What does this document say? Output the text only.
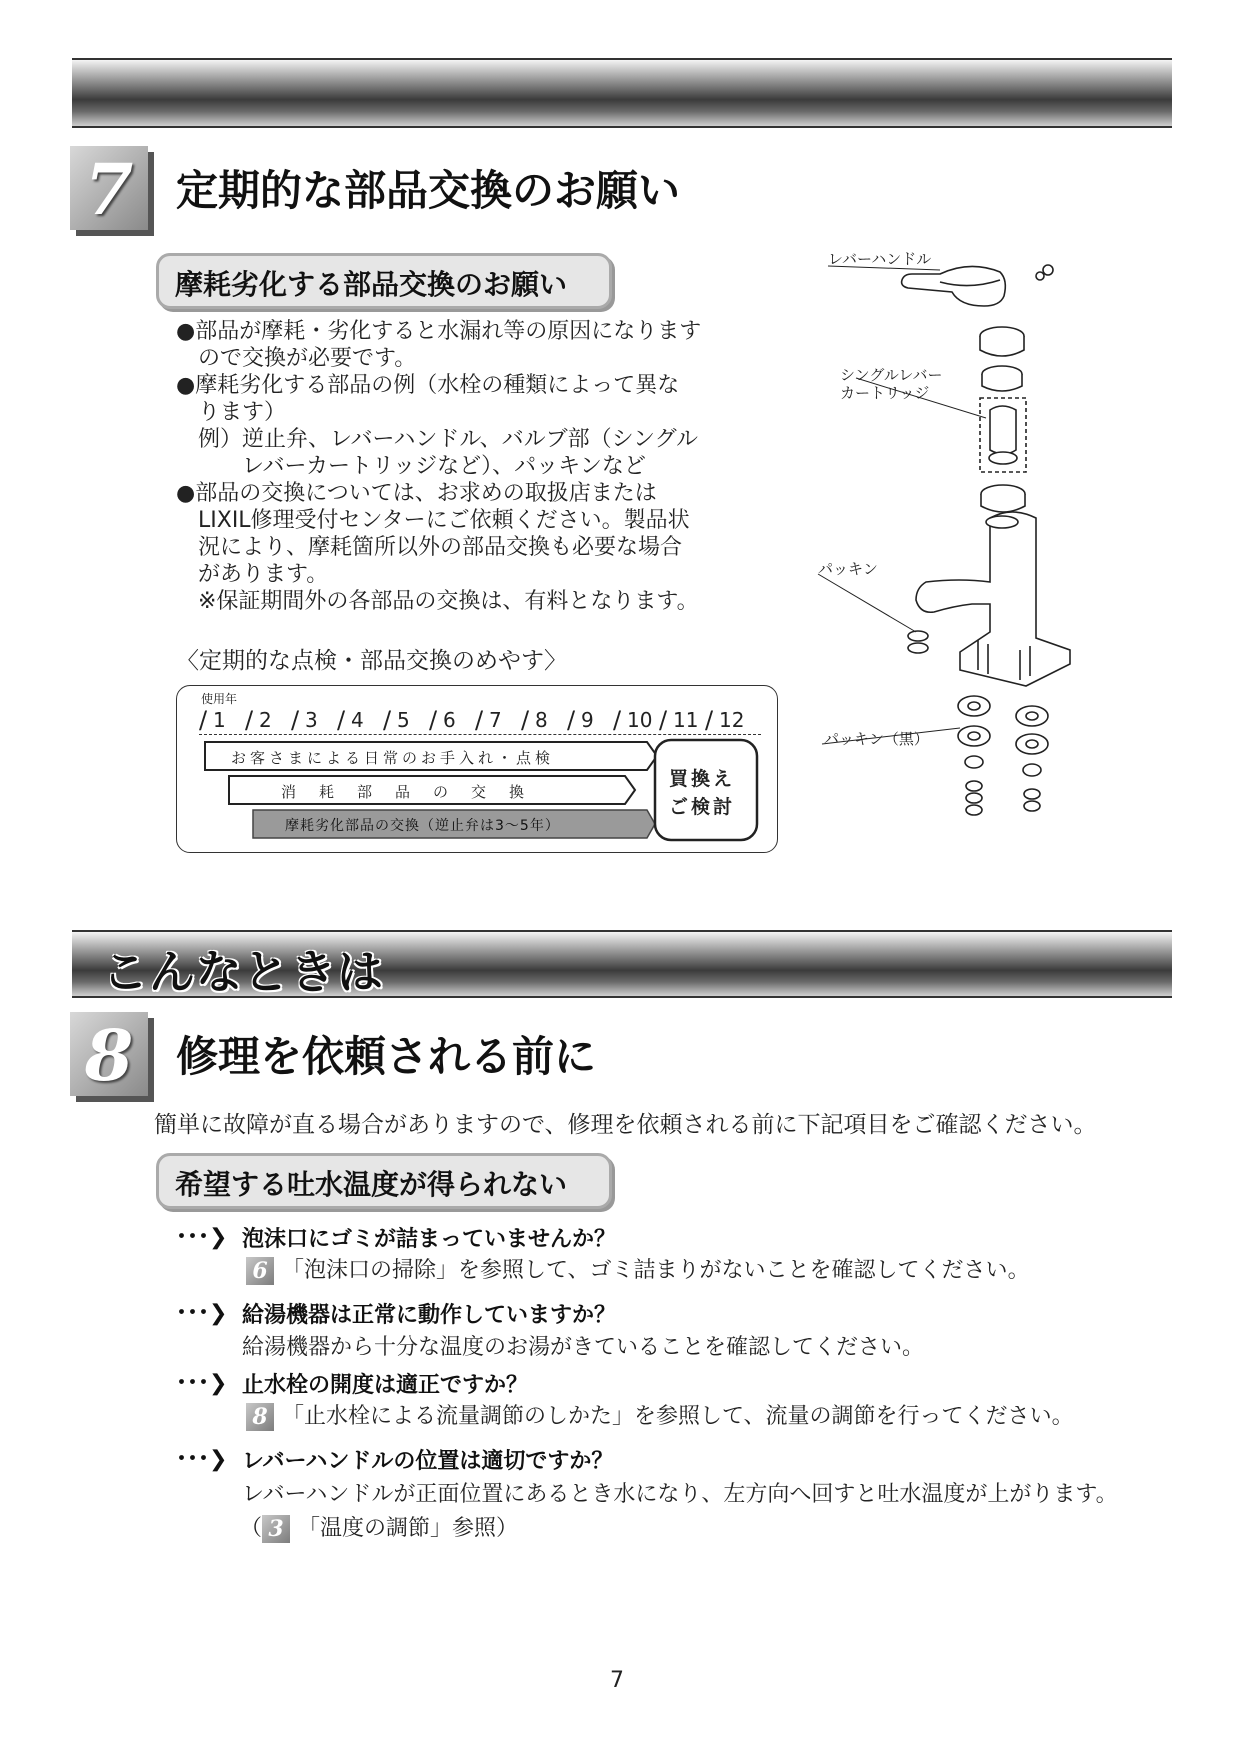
7	定期的な部品交換のお願い
摩耗劣化する部品交換のお願い
●部品が摩耗・劣化すると水漏れ等の原因になります
　ので交換が必要です。
●摩耗劣化する部品の例（水栓の種類によって異な
　ります）
　例）逆止弁、レバーハンドル、バルブ部（シングル
　　　レバーカートリッジなど）、パッキンなど
●部品の交換については、お求めの取扱店または
　LIXIL修理受付センターにご依頼ください。製品状
　況により、摩耗箇所以外の部品交換も必要な場合
　があります。
　※保証期間外の各部品の交換は、有料となります。
〈定期的な点検・部品交換のめやす〉
使用年
1
/	2
/	3
/	4
/	5
/	6
/	7
/	8
/	9
/	10
/	11
/	12
/
お客さまによる日常のお手入れ・点検
消　耗　部　品　の　交　換
摩耗劣化部品の交換（逆止弁は3〜5年）
買換え
ご検討
レバーハンドル
シングルレバー
カートリッジ
パッキン
パッキン（黒）
こんなときは
8	修理を依頼される前に
簡単に故障が直る場合がありますので、修理を依頼される前に下記項目をご確認ください。
希望する吐水温度が得られない
･･･❯ 泡沫口にゴミが詰まっていませんか？
6 「泡沫口の掃除」を参照して、ゴミ詰まりがないことを確認してください。
･･･❯ 給湯機器は正常に動作していますか？
給湯機器から十分な温度のお湯がきていることを確認してください。
･･･❯ 止水栓の開度は適正ですか？
8 「止水栓による流量調節のしかた」を参照して、流量の調節を行ってください。
･･･❯ レバーハンドルの位置は適切ですか？
レバーハンドルが正面位置にあるとき水になり、左方向へ回すと吐水温度が上がります。
（ 3 「温度の調節」参照）
7
